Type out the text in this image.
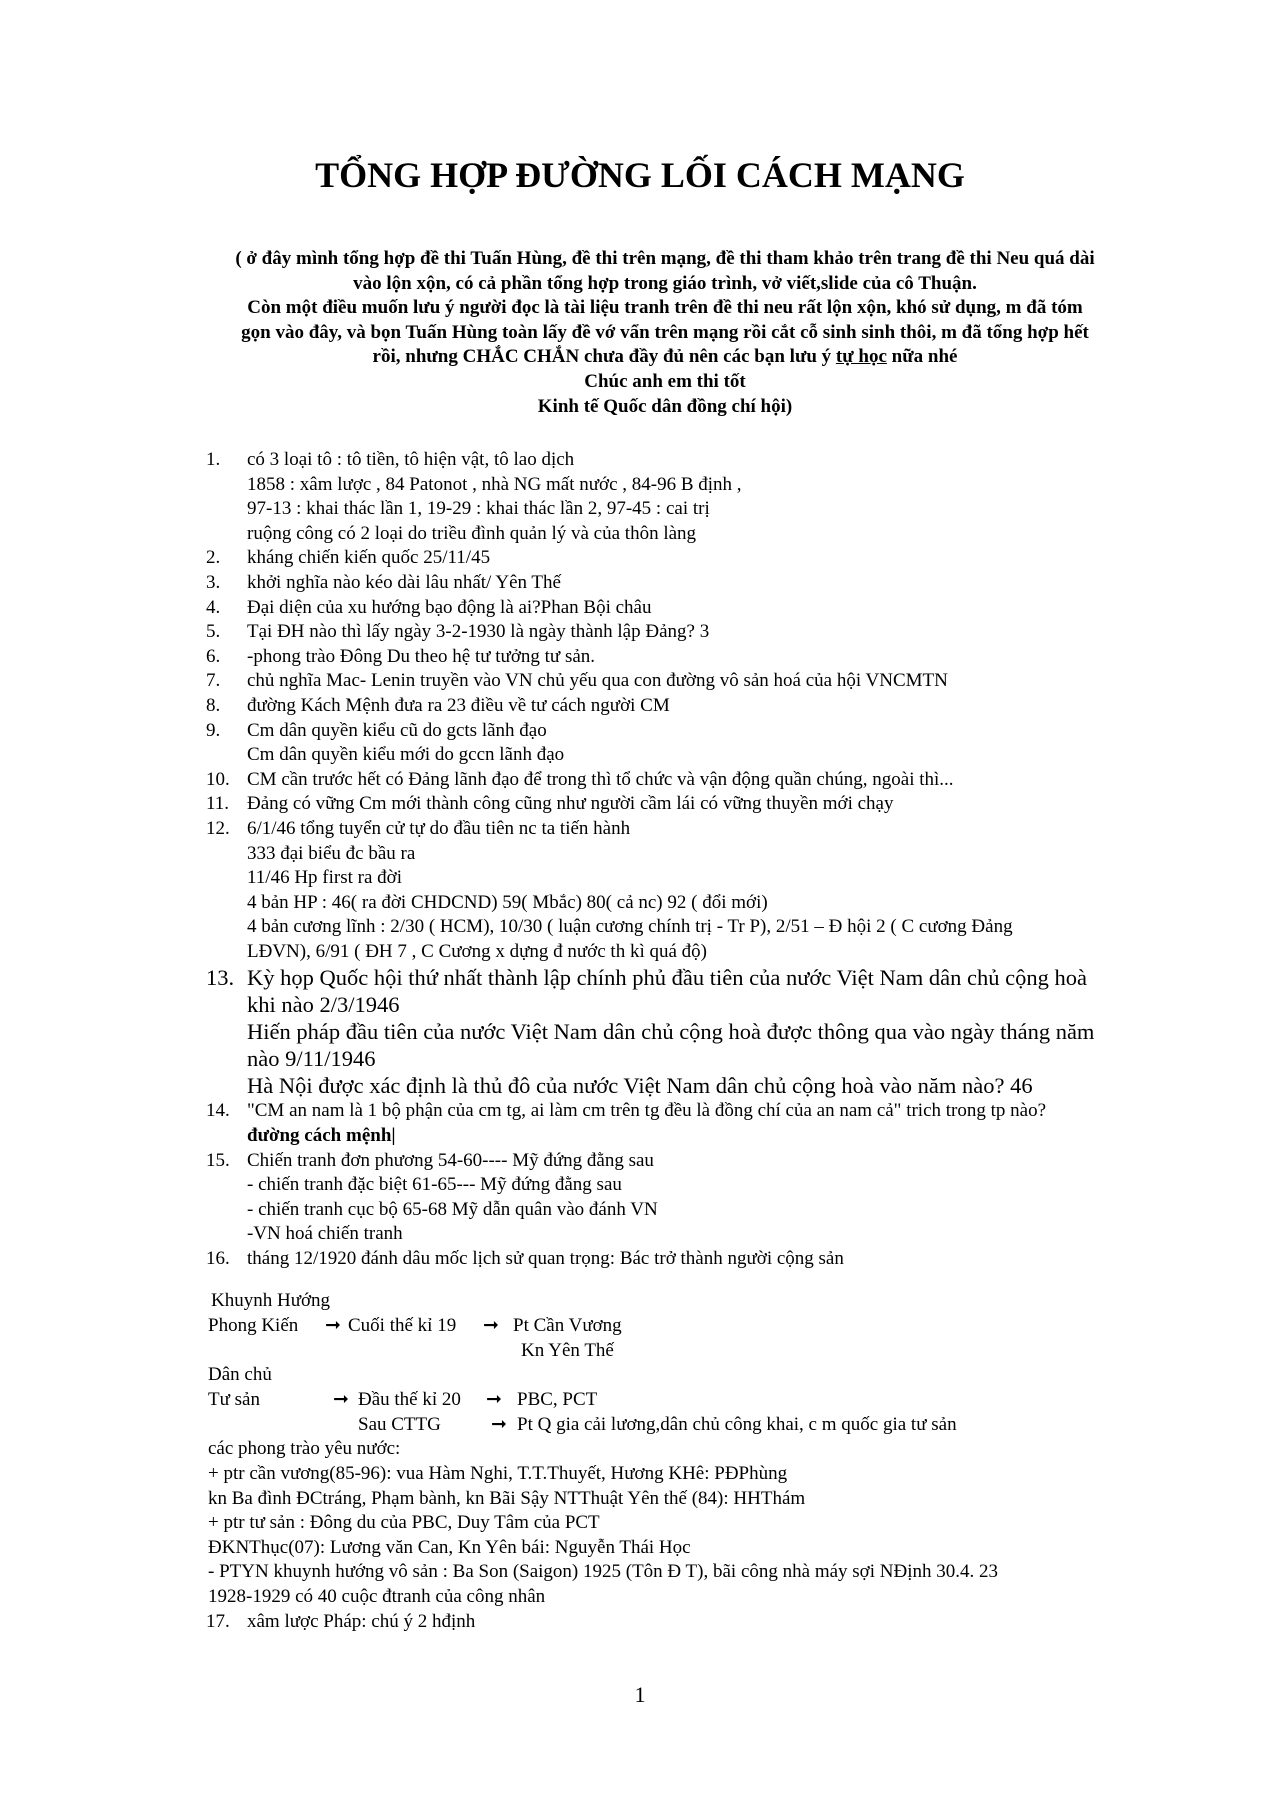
TỔNG HỢP ĐƯỜNG LỐI CÁCH MẠNG
( ở đây mình tổng hợp đề thi Tuấn Hùng, đề thi trên mạng, đề thi tham khảo trên trang đề thi Neu quá dài
vào lộn xộn, có cả phần tổng hợp trong giáo trình, vở viết,slide của cô Thuận.
Còn một điều muốn lưu ý người đọc là tài liệu tranh trên đề thi neu rất lộn xộn, khó sử dụng, m đã tóm
gọn vào đây, và bọn Tuấn Hùng toàn lấy đề vớ vẩn trên mạng rồi cắt cỗ sinh sinh thôi, m đã tổng hợp hết
rồi, nhưng CHẮC CHẮN chưa đầy đủ nên các bạn lưu ý tự học nữa nhé
Chúc anh em thi tốt
Kinh tế Quốc dân đồng chí hội)
1. có 3 loại tô : tô tiền, tô hiện vật, tô lao dịch
1858 : xâm lược , 84 Patonot , nhà NG mất nước , 84-96 B định ,
97-13 : khai thác lần 1, 19-29 : khai thác lần 2, 97-45 : cai trị
ruộng công có 2 loại do triều đình quản lý và của thôn làng
2. kháng chiến kiến quốc 25/11/45
3. khởi nghĩa nào kéo dài lâu nhất/ Yên Thế
4. Đại diện của xu hướng bạo động là ai?Phan Bội châu
5. Tại ĐH nào thì lấy ngày 3-2-1930 là ngày thành lập Đảng? 3
6. -phong trào Đông Du theo hệ tư tưởng tư sản.
7. chủ nghĩa Mac- Lenin truyền vào VN chủ yếu qua con đường vô sản hoá của hội VNCMTN
8. đường Kách Mệnh đưa ra 23 điều về tư cách người CM
9. Cm dân quyền kiểu cũ do gcts lãnh đạo
Cm dân quyền kiểu mới do gccn lãnh đạo
10. CM cần trước hết có Đảng lãnh đạo để trong thì tổ chức và vận động quần chúng, ngoài thì...
11. Đảng có vững Cm mới thành công cũng như người cầm lái có vững thuyền mới chạy
12. 6/1/46 tổng tuyển cử tự do đầu tiên nc ta tiến hành
333 đại biểu đc bầu ra
11/46 Hp first ra đời
4 bản HP : 46( ra đời CHDCND) 59( Mbắc) 80( cả nc) 92 ( đổi mới)
4 bản cương lĩnh : 2/30 ( HCM), 10/30 ( luận cương chính trị - Tr P), 2/51 – Đ hội 2 ( C cương Đảng
LĐVN), 6/91 ( ĐH 7 , C Cương x dựng đ nước th kì quá độ)
13. Kỳ họp Quốc hội thứ nhất thành lập chính phủ đầu tiên của nước Việt Nam dân chủ cộng hoà
khi nào 2/3/1946
Hiến pháp đầu tiên của nước Việt Nam dân chủ cộng hoà được thông qua vào ngày tháng năm
nào 9/11/1946
Hà Nội được xác định là thủ đô của nước Việt Nam dân chủ cộng hoà vào năm nào? 46
14. "CM an nam là 1 bộ phận của cm tg, ai làm cm trên tg đều là đồng chí của an nam cả" trich trong tp nào?
đường cách mệnh|
15. Chiến tranh đơn phương 54-60---- Mỹ đứng đằng sau
- chiến tranh đặc biệt 61-65--- Mỹ đứng đằng sau
- chiến tranh cục bộ 65-68 Mỹ dẫn quân vào đánh VN
-VN hoá chiến tranh
16. tháng 12/1920 đánh dâu mốc lịch sử quan trọng: Bác trở thành người cộng sản
Khuynh Hướng
Phong Kiến ➞ Cuối thế kỉ 19 ➞ Pt Cần Vương
Kn Yên Thế
Dân chủ
Tư sản	➞ Đầu thế kỉ 20 ➞ PBC, PCT
Sau CTTG	➞ Pt Q gia cải lương,dân chủ công khai, c m quốc gia tư sản
các phong trào yêu nước:
+ ptr cần vương(85-96): vua Hàm Nghi, T.T.Thuyết, Hương KHê: PĐPhùng
kn Ba đình ĐCtráng, Phạm bành, kn Bãi Sậy NTThuật Yên thế (84): HHThám
+ ptr tư sản : Đông du của PBC, Duy Tâm của PCT
ĐKNThục(07): Lương văn Can, Kn Yên bái: Nguyễn Thái Học
- PTYN khuynh hướng vô sản : Ba Son (Saigon) 1925 (Tôn Đ T), bãi công nhà máy sợi NĐịnh 30.4. 23
1928-1929 có 40 cuộc đtranh của công nhân
17. xâm lược Pháp: chú ý 2 hđịnh
1
